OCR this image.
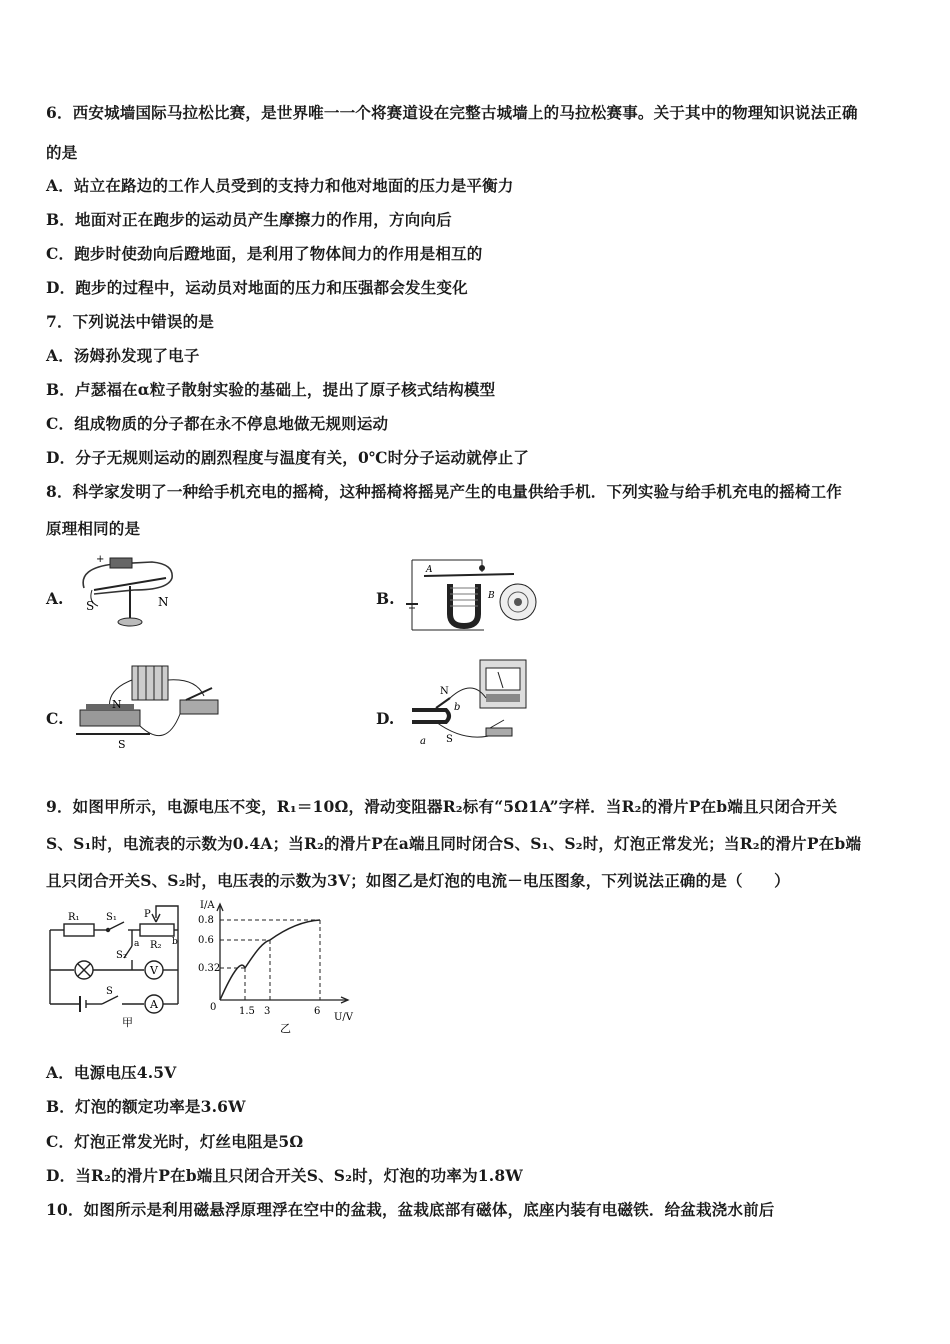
6．西安城墙国际马拉松比赛，是世界唯一一个将赛道设在完整古城墙上的马拉松赛事。关于其中的物理知识说法正确
的是
A．站立在路边的工作人员受到的支持力和他对地面的压力是平衡力
B．地面对正在跑步的运动员产生摩擦力的作用，方向向后
C．跑步时使劲向后蹬地面，是利用了物体间力的作用是相互的
D．跑步的过程中，运动员对地面的压力和压强都会发生变化
7．下列说法中错误的是
A．汤姆孙发现了电子
B．卢瑟福在α粒子散射实验的基础上，提出了原子核式结构模型
C．组成物质的分子都在永不停息地做无规则运动
D．分子无规则运动的剧烈程度与温度有关，0℃时分子运动就停止了
8．科学家发明了一种给手机充电的摇椅，这种摇椅将摇晃产生的电量供给手机．下列实验与给手机充电的摇椅工作
原理相同的是
A.	B.
C.	D.
+
S	N
A
B
N
S
N
S
a
b
9．如图甲所示，电源电压不变，R₁＝10Ω，滑动变阻器R₂标有“5Ω1A”字样．当R₂的滑片P在b端且只闭合开关
S、S₁时，电流表的示数为0.4A；当R₂的滑片P在a端且同时闭合S、S₁、S₂时，灯泡正常发光；当R₂的滑片P在b端
且只闭合开关S、S₂时，电压表的示数为3V；如图乙是灯泡的电流－电压图象，下列说法正确的是（　　）
R₁	S₁	P
R₂
a	b
S₂
V
S
A
甲
0.8
0.6
0.32
1.5 3	6
I/A
U/V
0
乙
A．电源电压4.5V
B．灯泡的额定功率是3.6W
C．灯泡正常发光时，灯丝电阻是5Ω
D．当R₂的滑片P在b端且只闭合开关S、S₂时，灯泡的功率为1.8W
10．如图所示是利用磁悬浮原理浮在空中的盆栽，盆栽底部有磁体，底座内装有电磁铁．给盆栽浇水前后
